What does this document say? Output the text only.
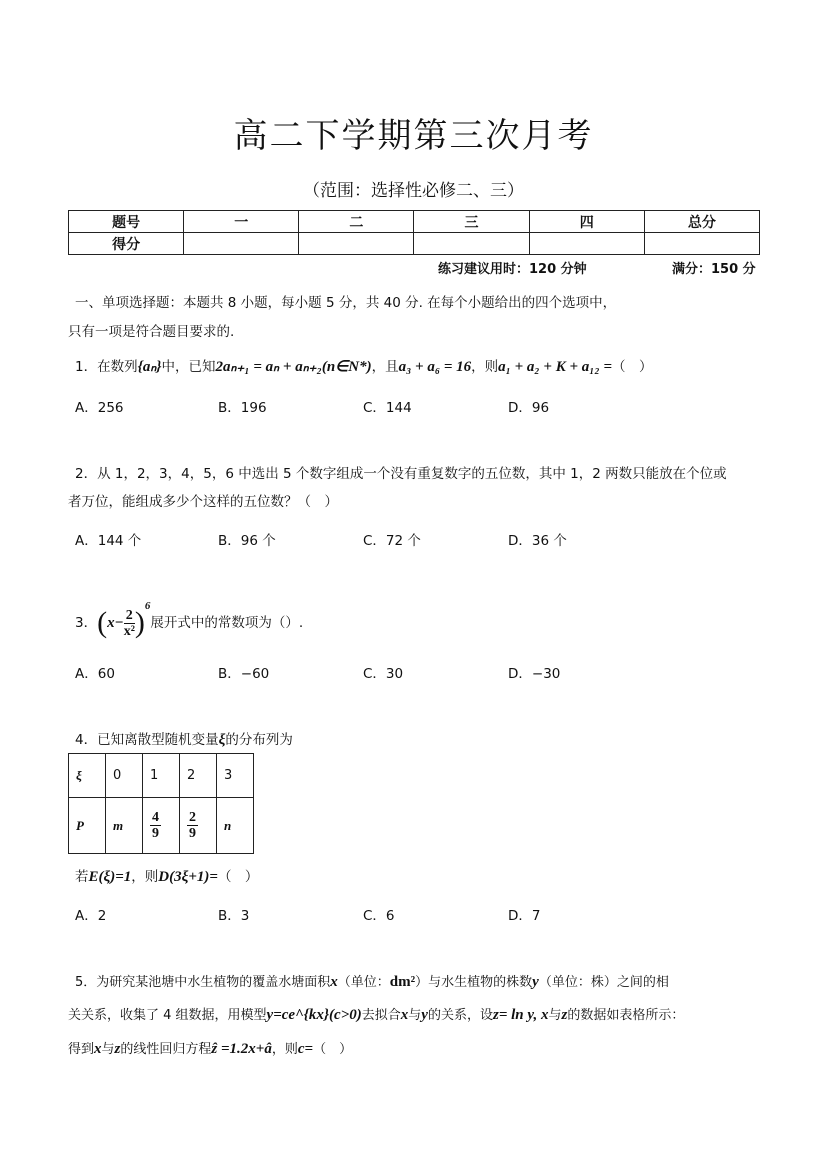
高二下学期第三次月考
（范围：选择性必修二、三）
题号	一	二	三	四	总分
得分					
练习建议用时：120 分钟	满分：150 分
一、单项选择题：本题共 8 小题，每小题 5 分，共 40 分. 在每个小题给出的四个选项中，
只有一项是符合题目要求的.
1．在数列{aₙ}中，已知2aₙ₊₁ = aₙ + aₙ₊₂(n∈N*)，且a₃ + a₆ = 16，则a₁ + a₂ + K + a₁₂ =（　）
A．256	B．196	C．144	D．96
2．从 1，2，3，4，5，6 中选出 5 个数字组成一个没有重复数字的五位数，其中 1，2 两数只能放在个位或
者万位，能组成多少个这样的五位数？（　）
A．144 个	B．96 个	C．72 个	D．36 个
3．$(x- \frac{2}{\text{x²}} )^6$展开式中的常数项为（）.
A．60	B．−60	C．30	D．−30
4．已知离散型随机变量ξ的分布列为
ξ	0	1	2	3
P	m	$\frac{4}{9}$	$\frac{2}{9}$	n
若E(ξ)=1，则D(3ξ+1)=（　）
A．2	B．3	C．6	D．7
5．为研究某池塘中水生植物的覆盖水塘面积x（单位：dm²）与水生植物的株数y（单位：株）之间的相
关关系，收集了 4 组数据，用模型y=ce^{kx}(c>0)去拟合x与y的关系，设z= ln y, x与z的数据如表格所示：
得到x与z的线性回归方程ẑ =1.2x+â，则c=（　）
